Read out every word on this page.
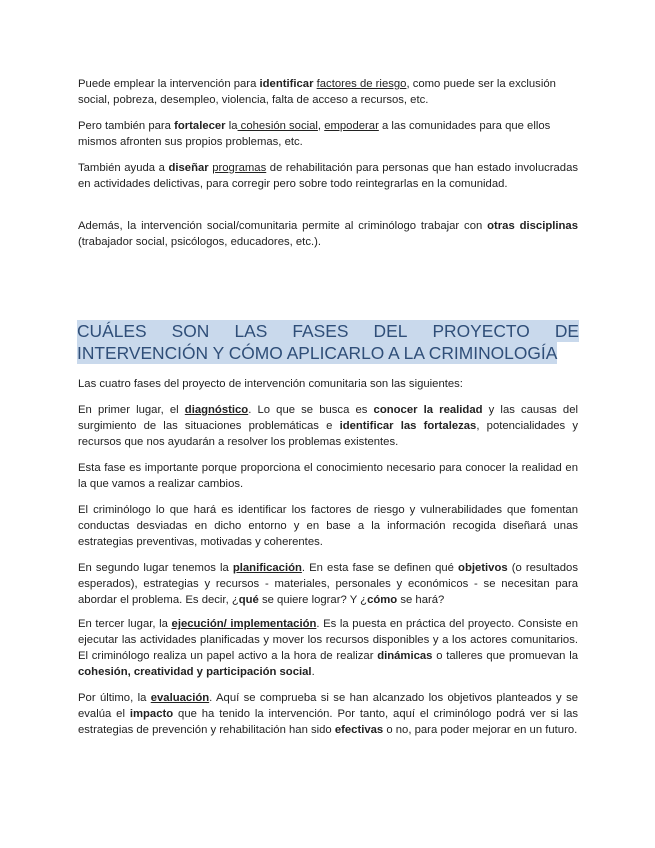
Puede emplear la intervención para identificar factores de riesgo, como puede ser la exclusión social, pobreza, desempleo, violencia, falta de acceso a recursos, etc.

Pero también para fortalecer la cohesión social, empoderar a las comunidades para que ellos mismos afronten sus propios problemas, etc.

También ayuda a diseñar programas de rehabilitación para personas que han estado involucradas en actividades delictivas, para corregir pero sobre todo reintegrarlas en la comunidad.

Además, la intervención social/comunitaria permite al criminólogo trabajar con otras disciplinas (trabajador social, psicólogos, educadores, etc.).

CUÁLES SON LAS FASES DEL PROYECTO DE
INTERVENCIÓN Y CÓMO APLICARLO A LA CRIMINOLOGÍA

Las cuatro fases del proyecto de intervención comunitaria son las siguientes:

En primer lugar, el diagnóstico. Lo que se busca es conocer la realidad y las causas del surgimiento de las situaciones problemáticas e identificar las fortalezas, potencialidades y recursos que nos ayudarán a resolver los problemas existentes.

Esta fase es importante porque proporciona el conocimiento necesario para conocer la realidad en la que vamos a realizar cambios.

El criminólogo lo que hará es identificar los factores de riesgo y vulnerabilidades que fomentan conductas desviadas en dicho entorno y en base a la información recogida diseñará unas estrategias preventivas, motivadas y coherentes.

En segundo lugar tenemos la planificación. En esta fase se definen qué objetivos (o resultados esperados), estrategias y recursos - materiales, personales y económicos - se necesitan para abordar el problema. Es decir, ¿qué se quiere lograr? Y ¿cómo se hará?

En tercer lugar, la ejecución/ implementación. Es la puesta en práctica del proyecto. Consiste en ejecutar las actividades planificadas y mover los recursos disponibles y a los actores comunitarios. El criminólogo realiza un papel activo a la hora de realizar dinámicas o talleres que promuevan la cohesión, creatividad y participación social.

Por último, la evaluación. Aquí se comprueba si se han alcanzado los objetivos planteados y se evalúa el impacto que ha tenido la intervención. Por tanto, aquí el criminólogo podrá ver si las estrategias de prevención y rehabilitación han sido efectivas o no, para poder mejorar en un futuro.
